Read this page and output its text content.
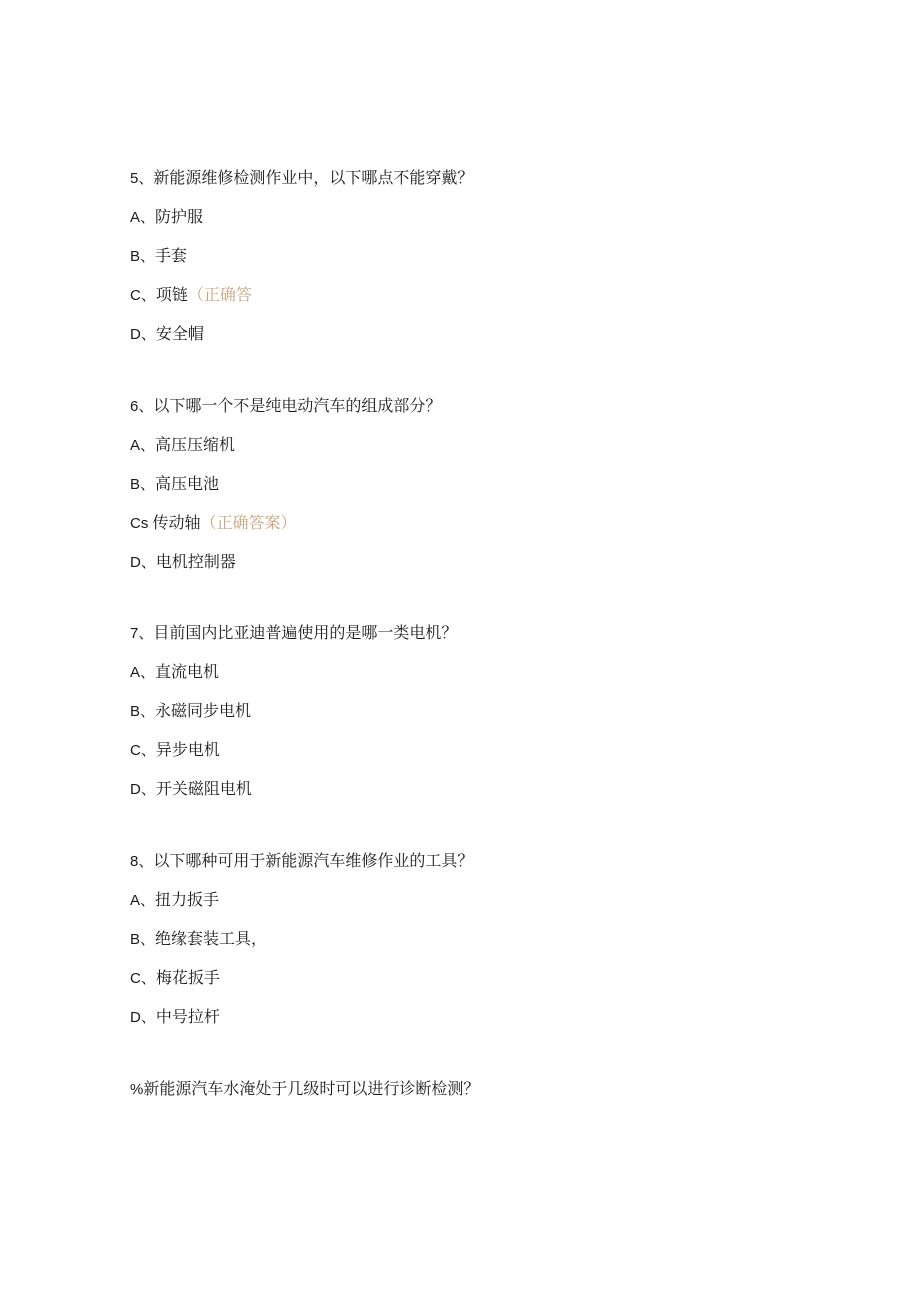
5、新能源维修检测作业中，以下哪点不能穿戴？
A、防护服
B、手套
C、项链（正确答
D、安全帽
6、以下哪一个不是纯电动汽车的组成部分？
A、高压压缩机
B、高压电池
Cs 传动轴（正确答案）
D、电机控制器
7、目前国内比亚迪普遍使用的是哪一类电机？
A、直流电机
B、永磁同步电机
C、异步电机
D、开关磁阻电机
8、以下哪种可用于新能源汽车维修作业的工具？
A、扭力扳手
B、绝缘套装工具，
C、梅花扳手
D、中号拉杆
%新能源汽车水淹处于几级时可以进行诊断检测？
